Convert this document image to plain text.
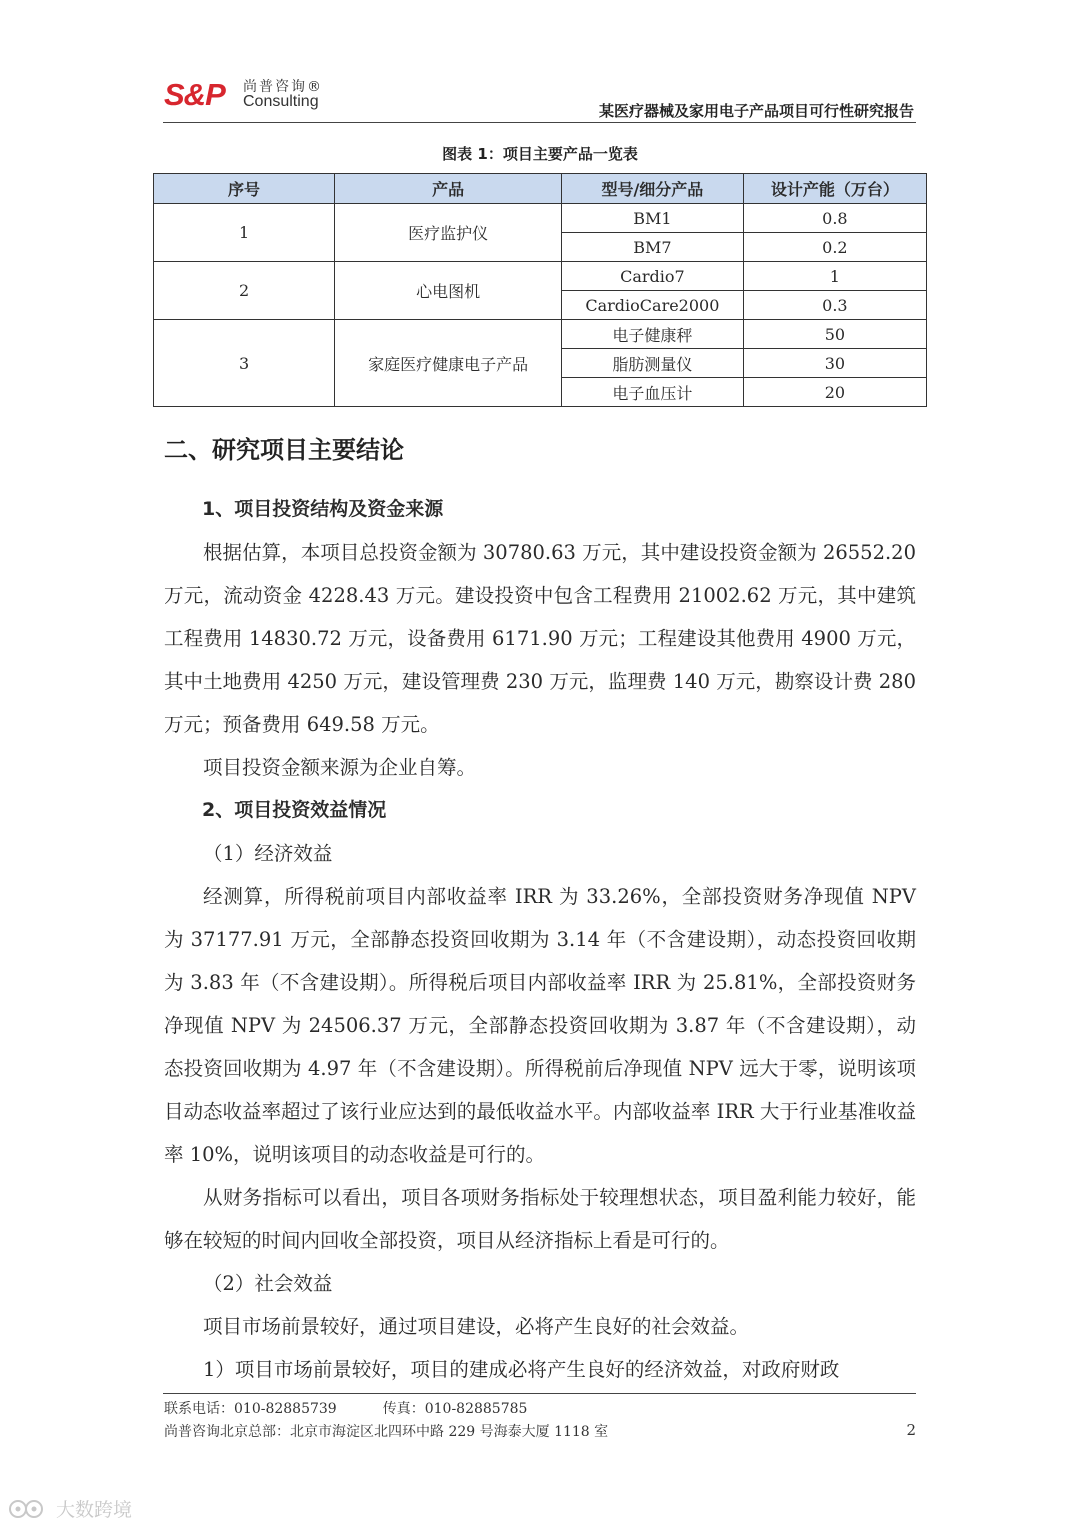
S&P 尚普咨询®
Consulting
某医疗器械及家用电子产品项目可行性研究报告
图表 1：项目主要产品一览表
序号	产品	型号/细分产品	设计产能（万台）
1	医疗监护仪	BM1	0.8
		BM7	0.2
2	心电图机	Cardio7	1
		CardioCare2000	0.3
3	家庭医疗健康电子产品	电子健康秤	50
		脂肪测量仪	30
		电子血压计	20
二、研究项目主要结论

1、项目投资结构及资金来源

根据估算，本项目总投资金额为 30780.63 万元，其中建设投资金额为 26552.20 万元，流动资金 4228.43 万元。建设投资中包含工程费用 21002.62 万元，其中建筑工程费用 14830.72 万元，设备费用 6171.90 万元；工程建设其他费用 4900 万元，其中土地费用 4250 万元，建设管理费 230 万元，监理费 140 万元，勘察设计费 280 万元；预备费用 649.58 万元。

项目投资金额来源为企业自筹。

2、项目投资效益情况

（1）经济效益

经测算，所得税前项目内部收益率 IRR 为 33.26%，全部投资财务净现值 NPV 为 37177.91 万元，全部静态投资回收期为 3.14 年（不含建设期），动态投资回收期为 3.83 年（不含建设期）。所得税后项目内部收益率 IRR 为 25.81%，全部投资财务净现值 NPV 为 24506.37 万元，全部静态投资回收期为 3.87 年（不含建设期），动态投资回收期为 4.97 年（不含建设期）。所得税前后净现值 NPV 远大于零，说明该项目动态收益率超过了该行业应达到的最低收益水平。内部收益率 IRR 大于行业基准收益率 10%，说明该项目的动态收益是可行的。

从财务指标可以看出，项目各项财务指标处于较理想状态，项目盈利能力较好，能够在较短的时间内回收全部投资，项目从经济指标上看是可行的。

（2）社会效益

项目市场前景较好，通过项目建设，必将产生良好的社会效益。

1）项目市场前景较好，项目的建成必将产生良好的经济效益，对政府财政

联系电话：010-82885739	传真：010-82885785
尚普咨询北京总部：北京市海淀区北四环中路 229 号海泰大厦 1118 室	2
大数跨境
